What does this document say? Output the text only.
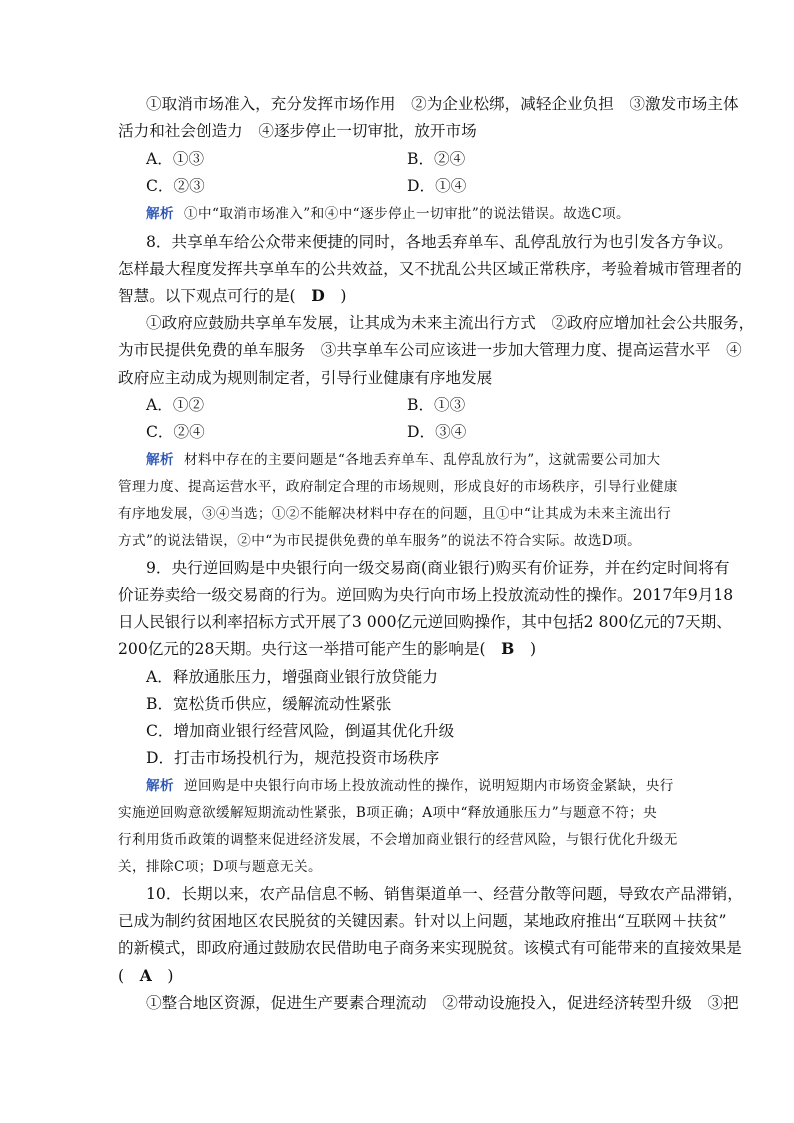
①取消市场准入，充分发挥市场作用　②为企业松绑，减轻企业负担　③激发市场主体
活力和社会创造力　④逐步停止一切审批，放开市场
A．①③	B．②④
C．②③	D．①④
解析 ①中“取消市场准入”和④中“逐步停止一切审批”的说法错误。故选C项。
8．共享单车给公众带来便捷的同时，各地丢弃单车、乱停乱放行为也引发各方争议。
怎样最大程度发挥共享单车的公共效益，又不扰乱公共区域正常秩序，考验着城市管理者的
智慧。以下观点可行的是(　D　)
①政府应鼓励共享单车发展，让其成为未来主流出行方式　②政府应增加社会公共服务，
为市民提供免费的单车服务　③共享单车公司应该进一步加大管理力度、提高运营水平　④
政府应主动成为规则制定者，引导行业健康有序地发展
A．①②	B．①③
C．②④	D．③④
解析 材料中存在的主要问题是“各地丢弃单车、乱停乱放行为”，这就需要公司加大
管理力度、提高运营水平，政府制定合理的市场规则，形成良好的市场秩序，引导行业健康
有序地发展，③④当选；①②不能解决材料中存在的问题，且①中“让其成为未来主流出行
方式”的说法错误，②中“为市民提供免费的单车服务”的说法不符合实际。故选D项。
9．央行逆回购是中央银行向一级交易商(商业银行)购买有价证券，并在约定时间将有
价证券卖给一级交易商的行为。逆回购为央行向市场上投放流动性的操作。2017年9月18
日人民银行以利率招标方式开展了3 000亿元逆回购操作，其中包括2 800亿元的7天期、
200亿元的28天期。央行这一举措可能产生的影响是(　B　)
A．释放通胀压力，增强商业银行放贷能力
B．宽松货币供应，缓解流动性紧张
C．增加商业银行经营风险，倒逼其优化升级
D．打击市场投机行为，规范投资市场秩序
解析 逆回购是中央银行向市场上投放流动性的操作，说明短期内市场资金紧缺，央行
实施逆回购意欲缓解短期流动性紧张，B项正确；A项中“释放通胀压力”与题意不符；央
行利用货币政策的调整来促进经济发展，不会增加商业银行的经营风险，与银行优化升级无
关，排除C项；D项与题意无关。
10．长期以来，农产品信息不畅、销售渠道单一、经营分散等问题，导致农产品滞销，
已成为制约贫困地区农民脱贫的关键因素。针对以上问题，某地政府推出“互联网＋扶贫”
的新模式，即政府通过鼓励农民借助电子商务来实现脱贫。该模式有可能带来的直接效果是
(　A　)
①整合地区资源，促进生产要素合理流动　②带动设施投入，促进经济转型升级　③把
